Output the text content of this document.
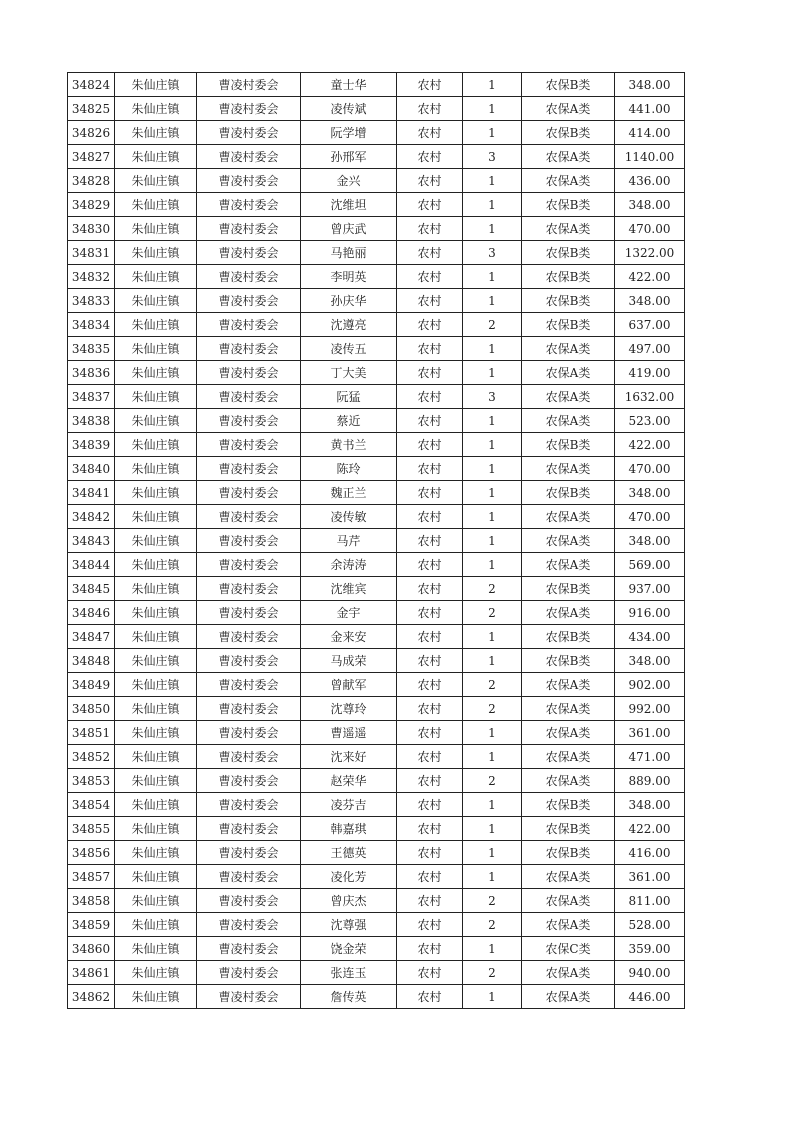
34824	朱仙庄镇	曹凌村委会	童士华	农村	1	农保B类	348.00
34825	朱仙庄镇	曹凌村委会	凌传斌	农村	1	农保A类	441.00
34826	朱仙庄镇	曹凌村委会	阮学增	农村	1	农保B类	414.00
34827	朱仙庄镇	曹凌村委会	孙邢军	农村	3	农保A类	1140.00
34828	朱仙庄镇	曹凌村委会	金兴	农村	1	农保A类	436.00
34829	朱仙庄镇	曹凌村委会	沈维坦	农村	1	农保B类	348.00
34830	朱仙庄镇	曹凌村委会	曾庆武	农村	1	农保A类	470.00
34831	朱仙庄镇	曹凌村委会	马艳丽	农村	3	农保B类	1322.00
34832	朱仙庄镇	曹凌村委会	李明英	农村	1	农保B类	422.00
34833	朱仙庄镇	曹凌村委会	孙庆华	农村	1	农保B类	348.00
34834	朱仙庄镇	曹凌村委会	沈遵亮	农村	2	农保B类	637.00
34835	朱仙庄镇	曹凌村委会	凌传五	农村	1	农保A类	497.00
34836	朱仙庄镇	曹凌村委会	丁大美	农村	1	农保A类	419.00
34837	朱仙庄镇	曹凌村委会	阮猛	农村	3	农保A类	1632.00
34838	朱仙庄镇	曹凌村委会	蔡近	农村	1	农保A类	523.00
34839	朱仙庄镇	曹凌村委会	黄书兰	农村	1	农保B类	422.00
34840	朱仙庄镇	曹凌村委会	陈玲	农村	1	农保A类	470.00
34841	朱仙庄镇	曹凌村委会	魏正兰	农村	1	农保B类	348.00
34842	朱仙庄镇	曹凌村委会	凌传敏	农村	1	农保A类	470.00
34843	朱仙庄镇	曹凌村委会	马芹	农村	1	农保A类	348.00
34844	朱仙庄镇	曹凌村委会	余涛涛	农村	1	农保A类	569.00
34845	朱仙庄镇	曹凌村委会	沈维宾	农村	2	农保B类	937.00
34846	朱仙庄镇	曹凌村委会	金宇	农村	2	农保A类	916.00
34847	朱仙庄镇	曹凌村委会	金来安	农村	1	农保B类	434.00
34848	朱仙庄镇	曹凌村委会	马成荣	农村	1	农保B类	348.00
34849	朱仙庄镇	曹凌村委会	曾献军	农村	2	农保A类	902.00
34850	朱仙庄镇	曹凌村委会	沈尊玲	农村	2	农保A类	992.00
34851	朱仙庄镇	曹凌村委会	曹遥遥	农村	1	农保A类	361.00
34852	朱仙庄镇	曹凌村委会	沈来好	农村	1	农保A类	471.00
34853	朱仙庄镇	曹凌村委会	赵荣华	农村	2	农保A类	889.00
34854	朱仙庄镇	曹凌村委会	凌芬吉	农村	1	农保B类	348.00
34855	朱仙庄镇	曹凌村委会	韩嘉琪	农村	1	农保B类	422.00
34856	朱仙庄镇	曹凌村委会	王德英	农村	1	农保B类	416.00
34857	朱仙庄镇	曹凌村委会	凌化芳	农村	1	农保A类	361.00
34858	朱仙庄镇	曹凌村委会	曾庆杰	农村	2	农保A类	811.00
34859	朱仙庄镇	曹凌村委会	沈尊强	农村	2	农保A类	528.00
34860	朱仙庄镇	曹凌村委会	饶金荣	农村	1	农保C类	359.00
34861	朱仙庄镇	曹凌村委会	张连玉	农村	2	农保A类	940.00
34862	朱仙庄镇	曹凌村委会	詹传英	农村	1	农保A类	446.00
